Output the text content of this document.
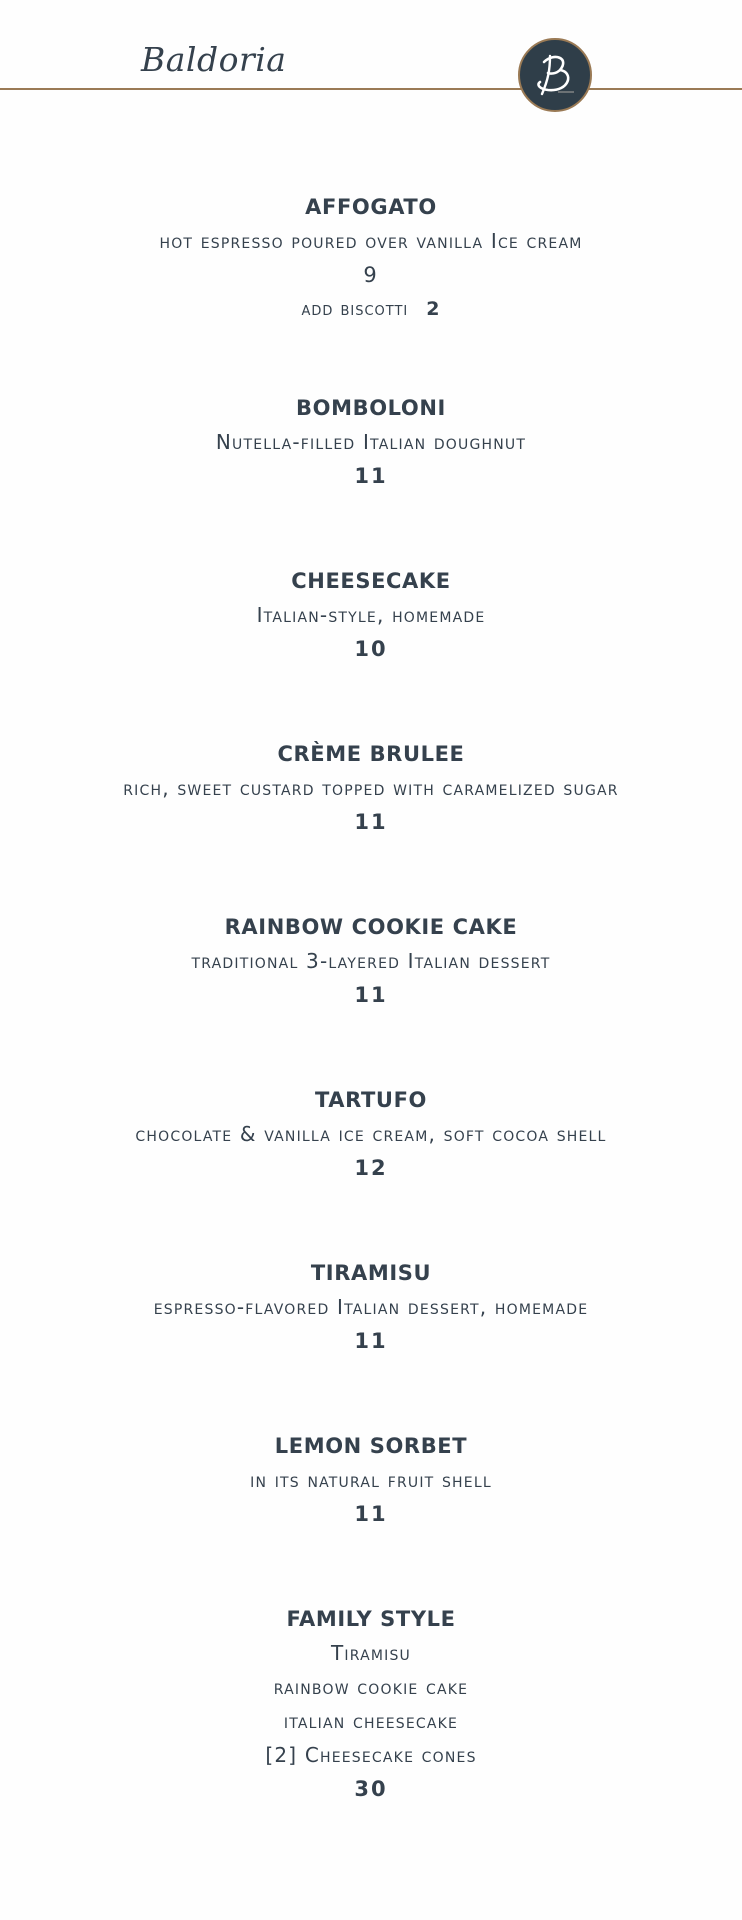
Baldoria
AFFOGATO
hot espresso poured over vanilla Ice cream
9
add biscotti 2
BOMBOLONI
Nutella-filled Italian doughnut
11
CHEESECAKE
Italian-style, homemade
10
CRÈME BRULEE
rich, sweet custard topped with caramelized sugar
11
RAINBOW COOKIE CAKE
traditional 3-layered Italian dessert
11
TARTUFO
chocolate & vanilla ice cream, soft cocoa shell
12
TIRAMISU
espresso-flavored Italian dessert, homemade
11
LEMON SORBET
in its natural fruit shell
11
FAMILY STYLE
Tiramisu
rainbow cookie cake
italian cheesecake
[2] Cheesecake cones
30
